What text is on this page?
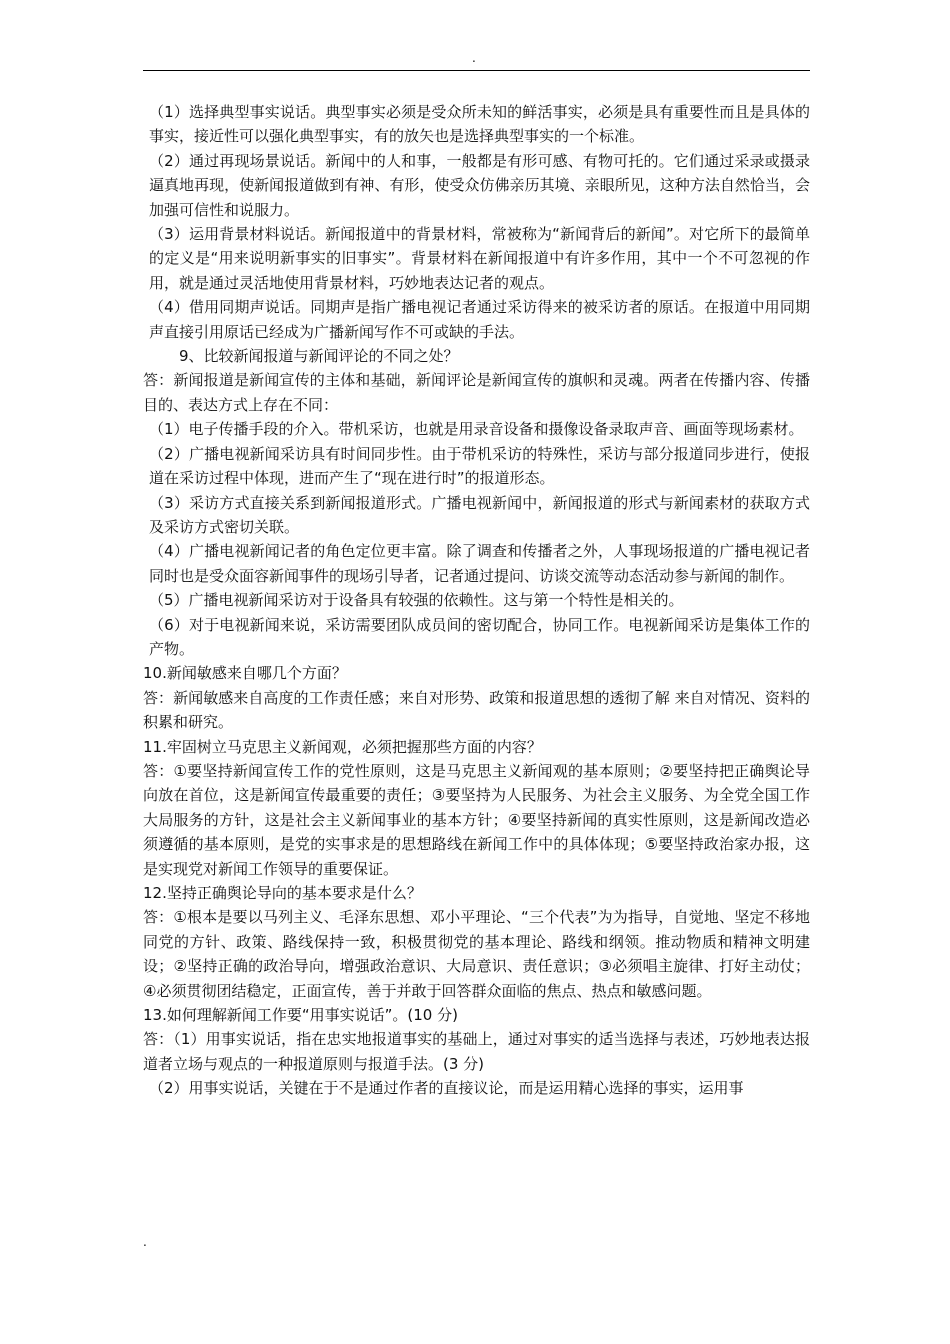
.

（1）选择典型事实说话。典型事实必须是受众所未知的鲜活事实，必须是具有重要性而且是具体的事实，接近性可以强化典型事实，有的放矢也是选择典型事实的一个标准。

（2）通过再现场景说话。新闻中的人和事，一般都是有形可感、有物可托的。它们通过采录或摄录逼真地再现，使新闻报道做到有神、有形，使受众仿佛亲历其境、亲眼所见，这种方法自然恰当，会加强可信性和说服力。

（3）运用背景材料说话。新闻报道中的背景材料，常被称为“新闻背后的新闻”。对它所下的最简单的定义是“用来说明新事实的旧事实”。背景材料在新闻报道中有许多作用，其中一个不可忽视的作用，就是通过灵活地使用背景材料，巧妙地表达记者的观点。

（4）借用同期声说话。同期声是指广播电视记者通过采访得来的被采访者的原话。在报道中用同期声直接引用原话已经成为广播新闻写作不可或缺的手法。

9、比较新闻报道与新闻评论的不同之处？

答：新闻报道是新闻宣传的主体和基础，新闻评论是新闻宣传的旗帜和灵魂。两者在传播内容、传播目的、表达方式上存在不同：

（1）电子传播手段的介入。带机采访，也就是用录音设备和摄像设备录取声音、画面等现场素材。

（2）广播电视新闻采访具有时间同步性。由于带机采访的特殊性，采访与部分报道同步进行，使报道在采访过程中体现，进而产生了“现在进行时”的报道形态。

（3）采访方式直接关系到新闻报道形式。广播电视新闻中，新闻报道的形式与新闻素材的获取方式及采访方式密切关联。

（4）广播电视新闻记者的角色定位更丰富。除了调查和传播者之外，人事现场报道的广播电视记者同时也是受众面容新闻事件的现场引导者，记者通过提问、访谈交流等动态活动参与新闻的制作。

（5）广播电视新闻采访对于设备具有较强的依赖性。这与第一个特性是相关的。

（6）对于电视新闻来说，采访需要团队成员间的密切配合，协同工作。电视新闻采访是集体工作的产物。

10.新闻敏感来自哪几个方面？

答：新闻敏感来自高度的工作责任感；来自对形势、政策和报道思想的透彻了解 来自对情况、资料的积累和研究。

11.牢固树立马克思主义新闻观，必须把握那些方面的内容？

答：①要坚持新闻宣传工作的党性原则，这是马克思主义新闻观的基本原则；②要坚持把正确舆论导向放在首位，这是新闻宣传最重要的责任；③要坚持为人民服务、为社会主义服务、为全党全国工作大局服务的方针，这是社会主义新闻事业的基本方针；④要坚持新闻的真实性原则，这是新闻改造必须遵循的基本原则，是党的实事求是的思想路线在新闻工作中的具体体现；⑤要坚持政治家办报，这是实现党对新闻工作领导的重要保证。

12.坚持正确舆论导向的基本要求是什么？

答：①根本是要以马列主义、毛泽东思想、邓小平理论、“三个代表”为为指导，自觉地、坚定不移地同党的方针、政策、路线保持一致，积极贯彻党的基本理论、路线和纲领。推动物质和精神文明建设；②坚持正确的政治导向，增强政治意识、大局意识、责任意识；③必须唱主旋律、打好主动仗；④必须贯彻团结稳定，正面宣传，善于并敢于回答群众面临的焦点、热点和敏感问题。

13.如何理解新闻工作要“用事实说话”。(10 分)

答：（1）用事实说话，指在忠实地报道事实的基础上，通过对事实的适当选择与表述，巧妙地表达报道者立场与观点的一种报道原则与报道手法。(3 分)

（2）用事实说话，关键在于不是通过作者的直接议论，而是运用精心选择的事实，运用事

.
